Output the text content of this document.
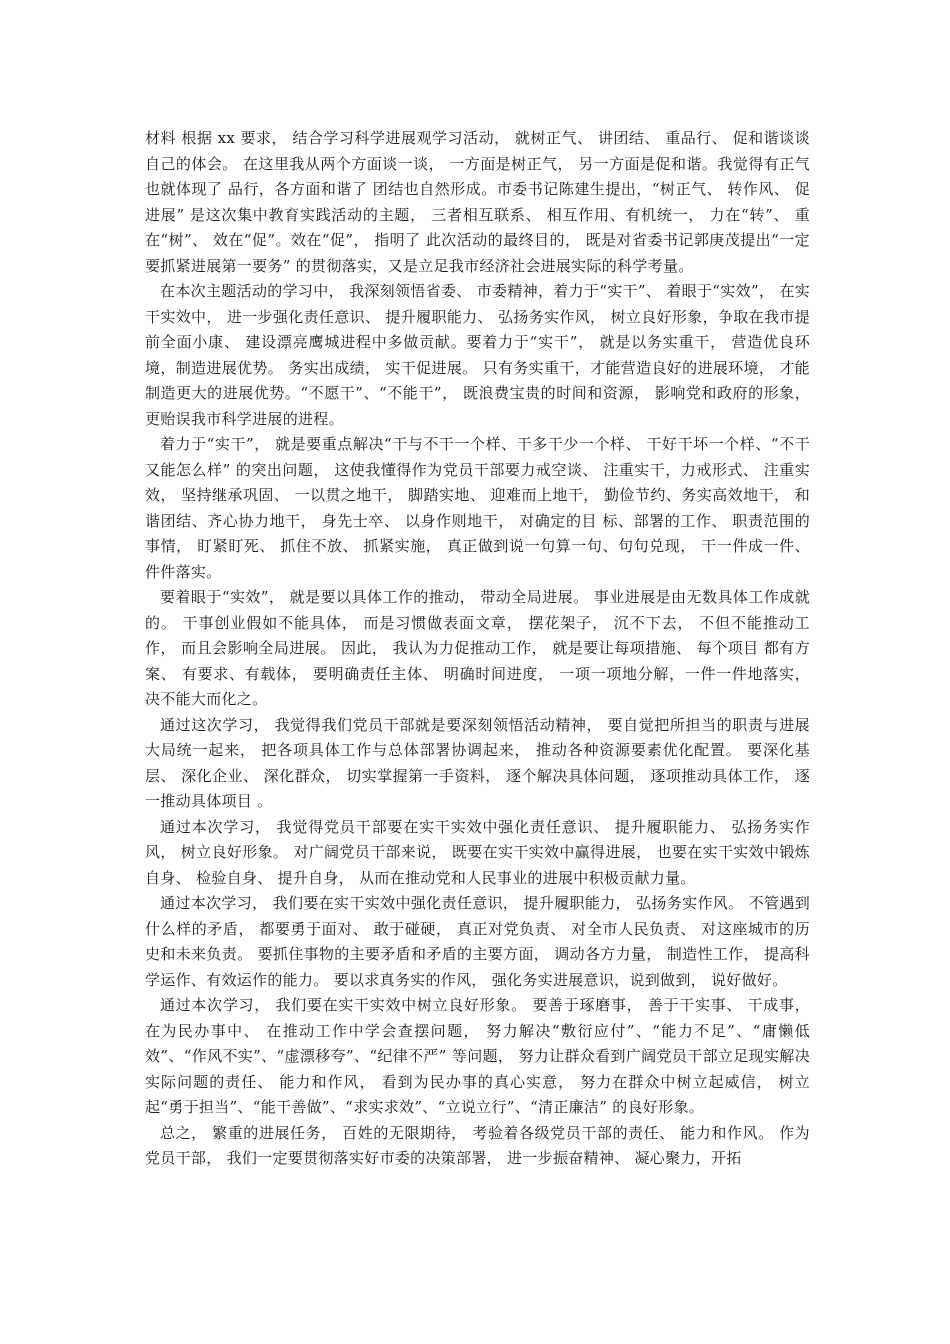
材料 根据 xx 要求， 结合学习科学进展观学习活动， 就树正气、 讲团结、 重品行、 促和谐谈谈自己的体会。 在这里我从两个方面谈一谈， 一方面是树正气， 另一方面是促和谐。我觉得有正气也就体现了 品行，各方面和谐了 团结也自然形成。市委书记陈建生提出，“树正气、 转作风、 促进展” 是这次集中教育实践活动的主题， 三者相互联系、 相互作用、有机统一， 力在“转”、 重在“树”、 效在“促”。效在“促”， 指明了 此次活动的最终目的， 既是对省委书记郭庚茂提出“一定要抓紧进展第一要务” 的贯彻落实，又是立足我市经济社会进展实际的科学考量。

在本次主题活动的学习中， 我深刻领悟省委、 市委精神，着力于“实干”、 着眼于“实效”， 在实干实效中， 进一步强化责任意识、 提升履职能力、 弘扬务实作风， 树立良好形象，争取在我市提前全面小康、 建设漂亮鹰城进程中多做贡献。要着力于“实干”， 就是以务实重干， 营造优良环境，制造进展优势。 务实出成绩， 实干促进展。 只有务实重干，才能营造良好的进展环境， 才能制造更大的进展优势。“不愿干”、“不能干”， 既浪费宝贵的时间和资源， 影响党和政府的形象， 更贻误我市科学进展的进程。

着力于“实干”， 就是要重点解决“干与不干一个样、干多干少一个样、 干好干坏一个样、“不干又能怎么样” 的突出问题， 这使我懂得作为党员干部要力戒空谈、 注重实干，力戒形式、 注重实效， 坚持继承巩固、 一以贯之地干， 脚踏实地、 迎难而上地干， 勤俭节约、务实高效地干， 和谐团结、齐心协力地干， 身先士卒、 以身作则地干， 对确定的目 标、部署的工作、 职责范围的事情， 盯紧盯死、 抓住不放、 抓紧实施， 真正做到说一句算一句、句句兑现， 干一件成一件、件件落实。

要着眼于“实效”， 就是要以具体工作的推动， 带动全局进展。 事业进展是由无数具体工作成就的。 干事创业假如不能具体， 而是习惯做表面文章， 摆花架子， 沉不下去， 不但不能推动工作， 而且会影响全局进展。 因此， 我认为力促推动工作， 就是要让每项措施、 每个项目 都有方案、 有要求、有载体， 要明确责任主体、 明确时间进度， 一项一项地分解，一件一件地落实， 决不能大而化之。

通过这次学习， 我觉得我们党员干部就是要深刻领悟活动精神， 要自觉把所担当的职责与进展大局统一起来， 把各项具体工作与总体部署协调起来， 推动各种资源要素优化配置。 要深化基层、 深化企业、 深化群众， 切实掌握第一手资料， 逐个解决具体问题， 逐项推动具体工作， 逐一推动具体项目 。

通过本次学习， 我觉得党员干部要在实干实效中强化责任意识、 提升履职能力、 弘扬务实作风， 树立良好形象。 对广阔党员干部来说， 既要在实干实效中赢得进展， 也要在实干实效中锻炼自身、 检验自身、 提升自身， 从而在推动党和人民事业的进展中积极贡献力量。

通过本次学习， 我们要在实干实效中强化责任意识， 提升履职能力， 弘扬务实作风。 不管遇到什么样的矛盾， 都要勇于面对、 敢于碰硬， 真正对党负责、 对全市人民负责、 对这座城市的历史和未来负责。 要抓住事物的主要矛盾和矛盾的主要方面， 调动各方力量， 制造性工作， 提高科学运作、有效运作的能力。 要以求真务实的作风， 强化务实进展意识，说到做到， 说好做好。

通过本次学习， 我们要在实干实效中树立良好形象。 要善于琢磨事， 善于干实事、 干成事， 在为民办事中、 在推动工作中学会查摆问题， 努力解决“敷衍应付”、“能力不足”、“庸懒低效”、“作风不实”、“虚漂移夸”、“纪律不严” 等问题， 努力让群众看到广阔党员干部立足现实解决实际问题的责任、 能力和作风， 看到为民办事的真心实意， 努力在群众中树立起威信， 树立起“勇于担当”、“能干善做”、“求实求效”、“立说立行”、“清正廉洁” 的良好形象。

总之， 繁重的进展任务， 百姓的无限期待， 考验着各级党员干部的责任、 能力和作风。 作为党员干部， 我们一定要贯彻落实好市委的决策部署， 进一步振奋精神、 凝心聚力，开拓
